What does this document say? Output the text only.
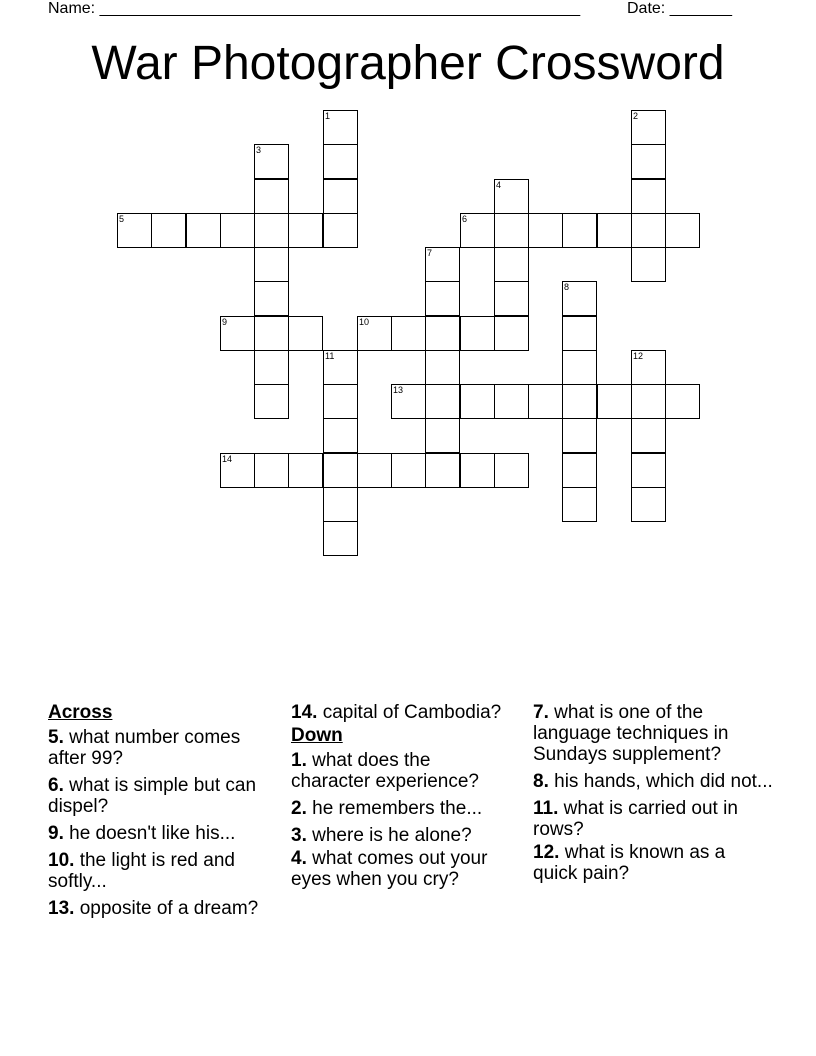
Name: ______________________________________________________	Date: _______
War Photographer Crossword
1	2
3
4
5	6
7
8
9	10
11	12
13
14
Across
5. what number comes after 99?
6. what is simple but can dispel?
9. he doesn't like his...
10. the light is red and softly...
13. opposite of a dream?
14. capital of Cambodia?
Down
1. what does the character experience?
2. he remembers the...
3. where is he alone?
4. what comes out your eyes when you cry?
7. what is one of the language techniques in Sundays supplement?
8. his hands, which did not...
11. what is carried out in rows?
12. what is known as a quick pain?
